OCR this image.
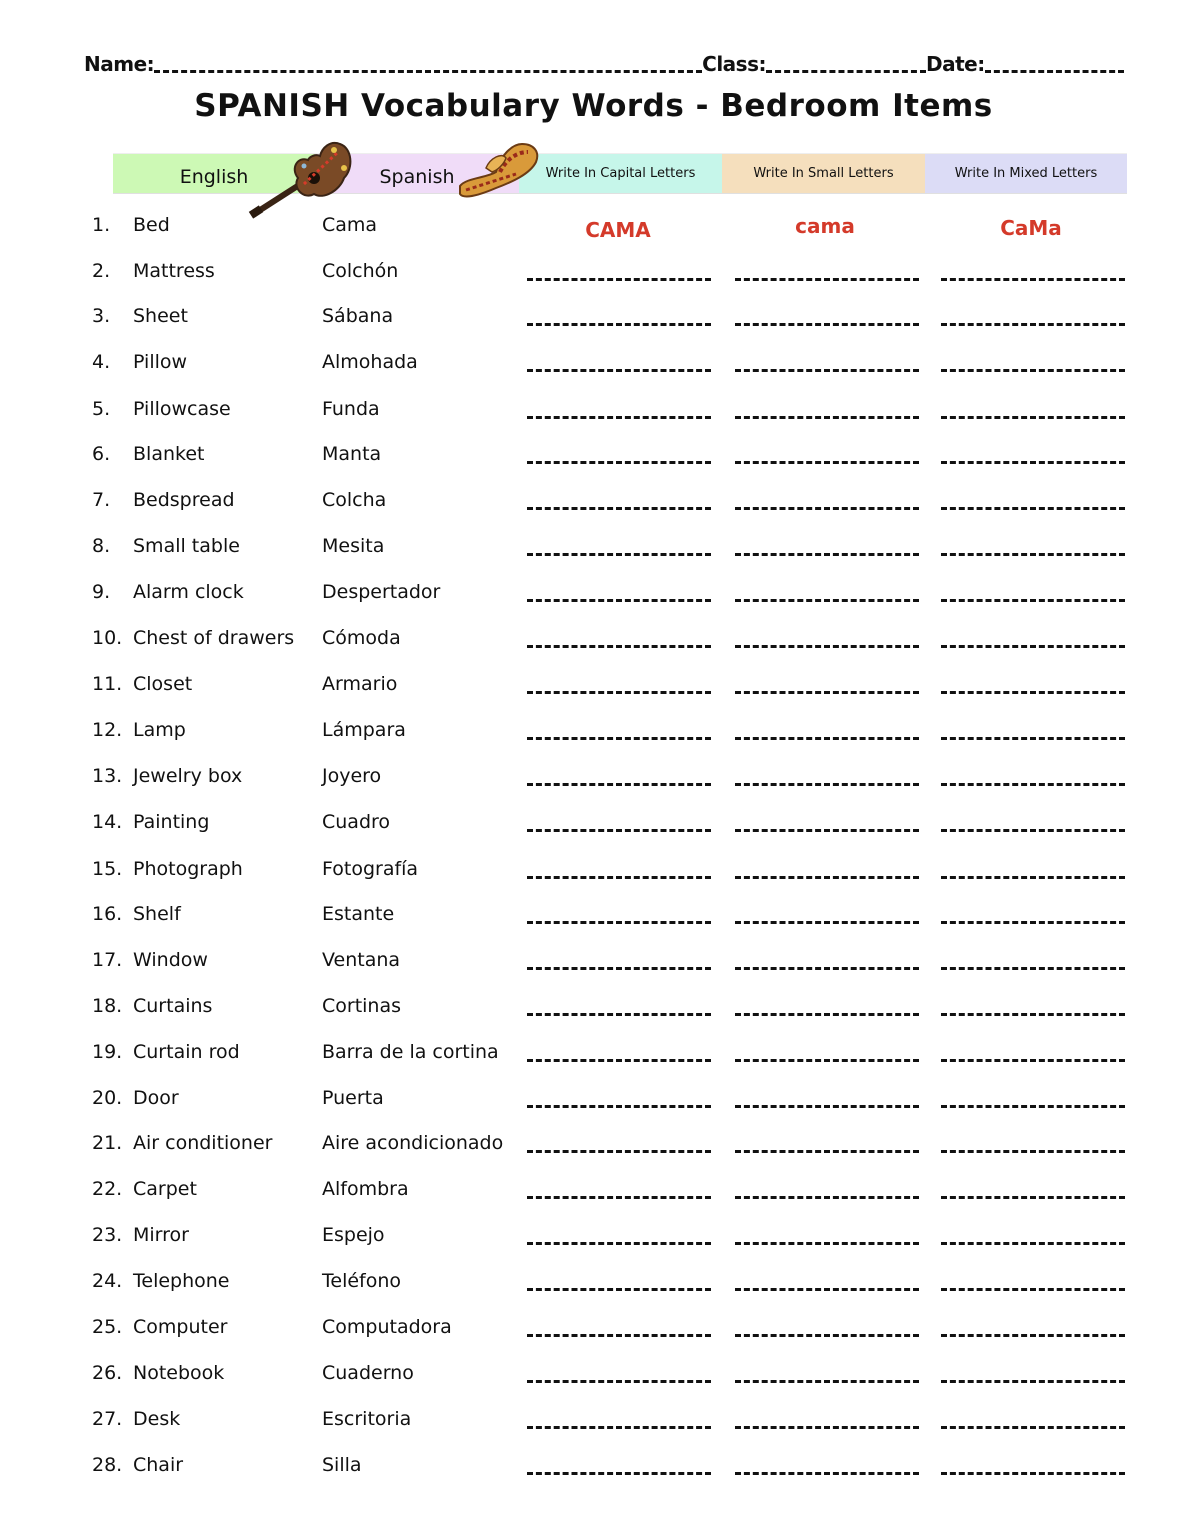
Name:	Class:	Date:
SPANISH Vocabulary Words - Bedroom Items
English	Spanish	Write In Capital Letters	Write In Small Letters	Write In Mixed Letters
1. Bed	Cama	CAMA	cama	CaMa
2. Mattress	Colchón
3. Sheet	Sábana
4. Pillow	Almohada
5. Pillowcase	Funda
6. Blanket	Manta
7. Bedspread	Colcha
8. Small table	Mesita
9. Alarm clock	Despertador
10. Chest of drawers Cómoda
11. Closet	Armario
12. Lamp	Lámpara
13. Jewelry box	Joyero
14. Painting	Cuadro
15. Photograph	Fotografía
16. Shelf	Estante
17. Window	Ventana
18. Curtains	Cortinas
19. Curtain rod	Barra de la cortina
20. Door	Puerta
21. Air conditioner	Aire acondicionado
22. Carpet	Alfombra
23. Mirror	Espejo
24. Telephone	Teléfono
25. Computer	Computadora
26. Notebook	Cuaderno
27. Desk	Escritoria
28. Chair	Silla
